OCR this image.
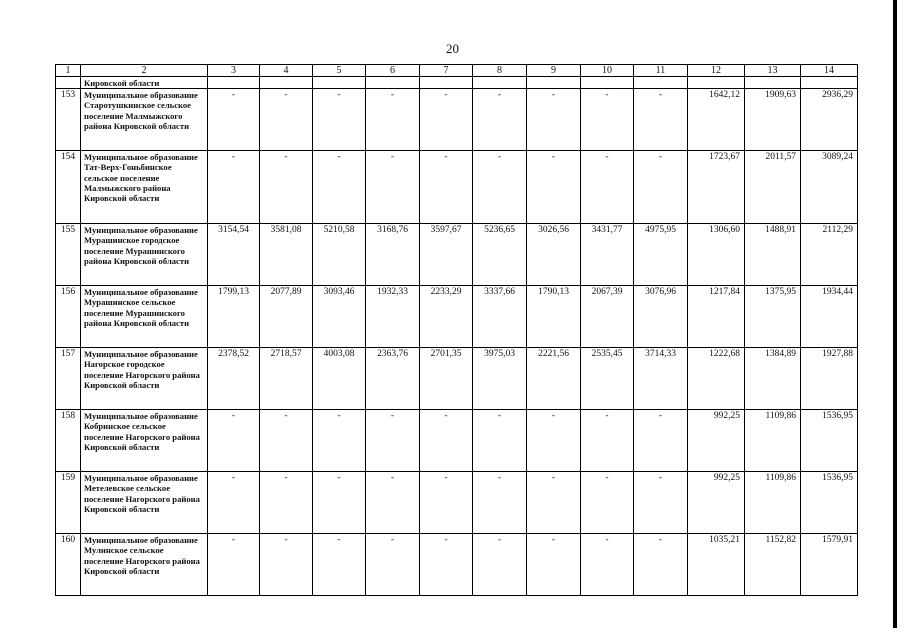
20
1	2	3	4	5	6	7	8	9	10	11	12	13	14
	Кировской области												
153	Муниципальное образование Старотушкинское сельское поселение Малмыжского района Кировской области	-	-	-	-	-	-	-	-	-	1642,12	1909,63	2936,29
154	Муниципальное образование Тат-Верх-Гоньбинское сельское поселение Малмыжского района Кировской области	-	-	-	-	-	-	-	-	-	1723,67	2011,57	3089,24
155	Муниципальное образование Мурашинское городское поселение Мурашинского района Кировской области	3154,54	3581,08	5210,58	3168,76	3597,67	5236,65	3026,56	3431,77	4975,95	1306,60	1488,91	2112,29
156	Муниципальное образование Мурашинское сельское поселение Мурашинского района Кировской области	1799,13	2077,89	3093,46	1932,33	2233,29	3337,66	1790,13	2067,39	3076,96	1217,84	1375,95	1934,44
157	Муниципальное образование Нагорское городское поселение Нагорского района Кировской области	2378,52	2718,57	4003,08	2363,76	2701,35	3975,03	2221,56	2535,45	3714,33	1222,68	1384,89	1927,88
158	Муниципальное образование Кобринское сельское поселение Нагорского района Кировской области	-	-	-	-	-	-	-	-	-	992,25	1109,86	1536,95
159	Муниципальное образование Метелевское сельское поселение Нагорского района Кировской области	-	-	-	-	-	-	-	-	-	992,25	1109,86	1536,95
160	Муниципальное образование Мулинское сельское поселение Нагорского района Кировской области	-	-	-	-	-	-	-	-	-	1035,21	1152,82	1579,91
